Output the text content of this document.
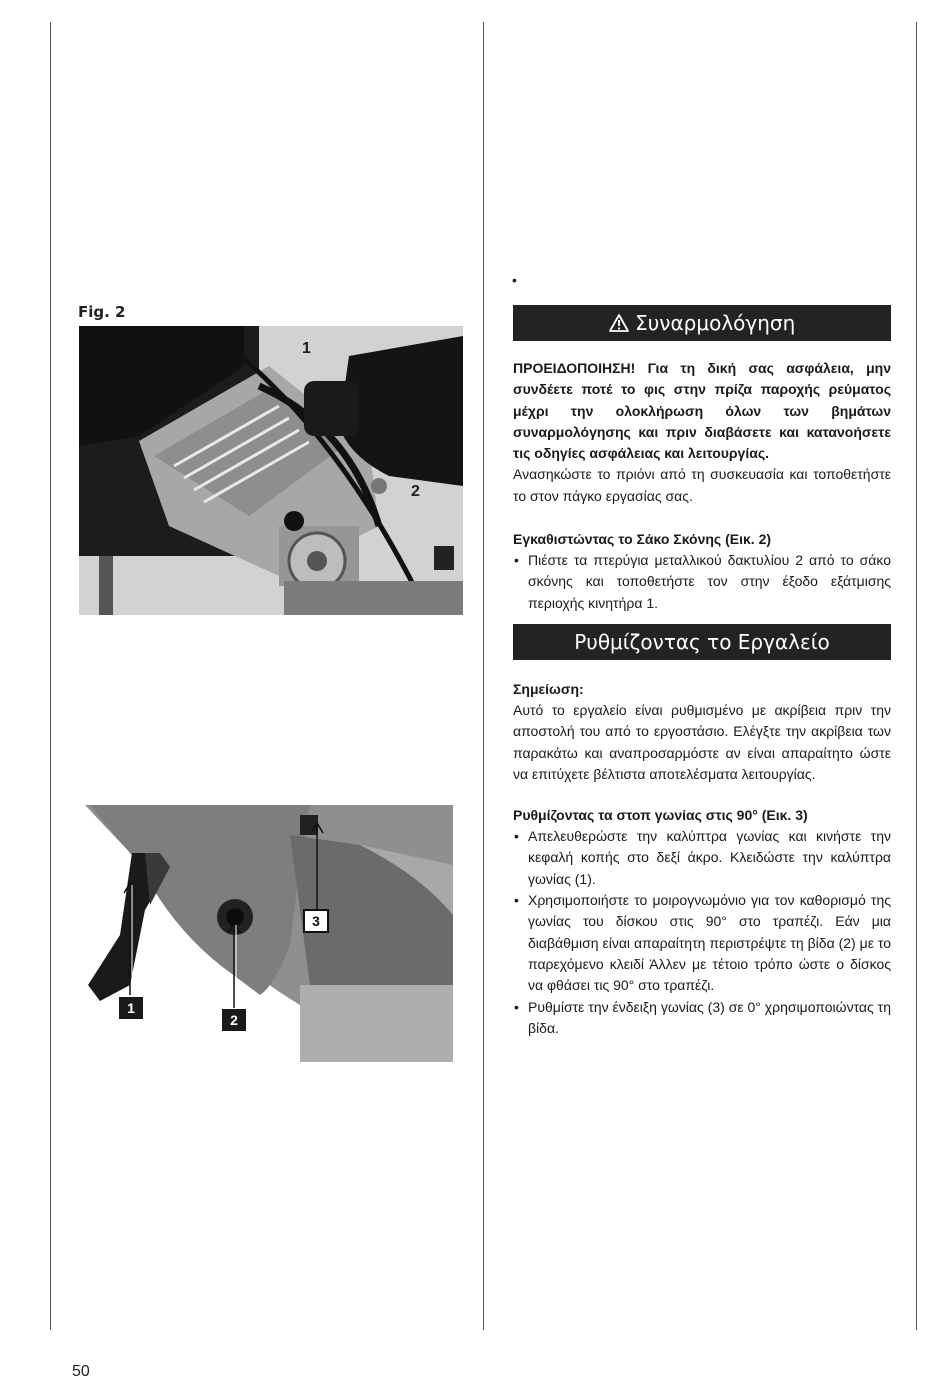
Fig. 2
1
2
1
2
3
•
Συναρμολόγηση

ΠΡΟΕΙΔΟΠΟΙΗΣΗ! Για τη δική σας ασφάλεια, μην συνδέετε ποτέ το φις στην πρίζα παροχής ρεύματος μέχρι την ολοκλήρωση όλων των βημάτων συναρμολόγησης και πριν διαβάσετε και κατανοήσετε τις οδηγίες ασφάλειας και λειτουργίας.

Ανασηκώστε το πριόνι από τη συσκευασία και τοποθετήστε το στον πάγκο εργασίας σας.

Εγκαθιστώντας το Σάκο Σκόνης (Εικ. 2)

• Πιέστε τα πτερύγια μεταλλικού δακτυλίου 2 από το σάκο σκόνης και τοποθετήστε τον στην έξοδο εξάτμισης περιοχής κινητήρα 1.
Ρυθμίζοντας το Εργαλείο

Σημείωση:

Αυτό το εργαλείο είναι ρυθμισμένο με ακρίβεια πριν την αποστολή του από το εργοστάσιο. Ελέγξτε την ακρίβεια των παρακάτω και αναπροσαρμόστε αν είναι απαραίτητο ώστε να επιτύχετε βέλτιστα αποτελέσματα λειτουργίας.

Ρυθμίζοντας τα στοπ γωνίας στις 90° (Εικ. 3)

• Απελευθερώστε την καλύπτρα γωνίας και κινήστε την κεφαλή κοπής στο δεξί άκρο. Κλειδώστε την καλύπτρα γωνίας (1).
• Χρησιμοποιήστε το μοιρογνωμόνιο για τον καθορισμό της γωνίας του δίσκου στις 90° στο τραπέζι. Εάν μια διαβάθμιση είναι απαραίτητη περιστρέψτε τη βίδα (2) με το παρεχόμενο κλειδί Άλλεν με τέτοιο τρόπο ώστε ο δίσκος να φθάσει τις 90° στο τραπέζι.
• Ρυθμίστε την ένδειξη γωνίας (3) σε 0° χρησιμοποιώντας τη βίδα.
50
